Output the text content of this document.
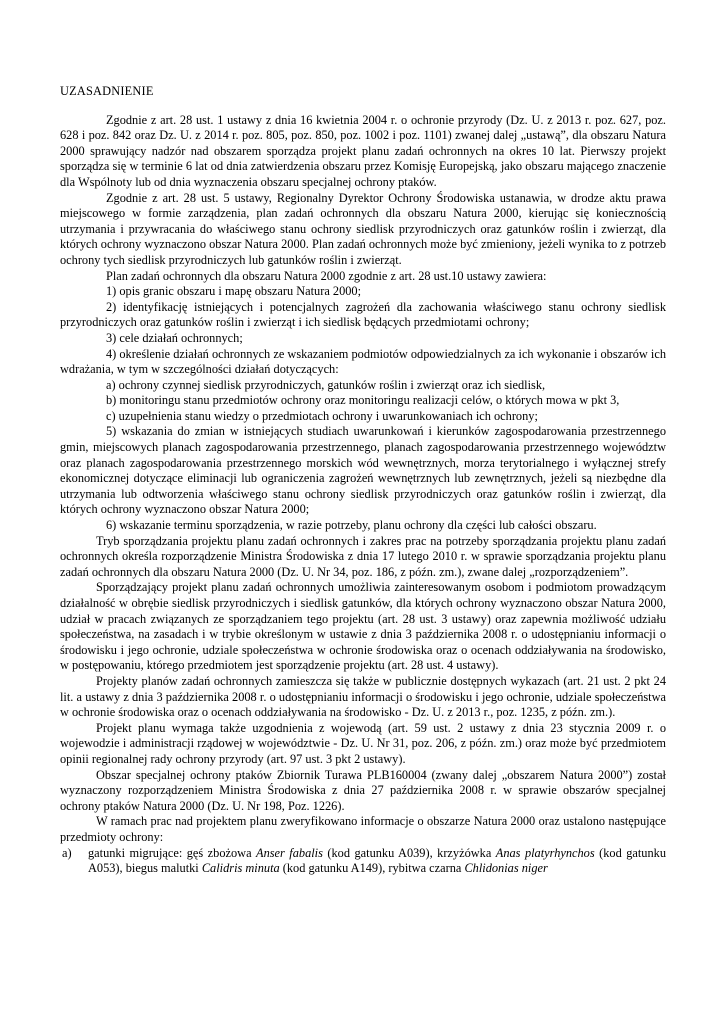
UZASADNIENIE

Zgodnie z art. 28 ust. 1 ustawy z dnia 16 kwietnia 2004 r. o ochronie przyrody (Dz. U. z 2013 r. poz. 627, poz. 628 i poz. 842 oraz Dz. U. z 2014 r. poz. 805, poz. 850, poz. 1002 i poz. 1101) zwanej dalej „ustawą”, dla obszaru Natura 2000 sprawujący nadzór nad obszarem sporządza projekt planu zadań ochronnych na okres 10 lat. Pierwszy projekt sporządza się w terminie 6 lat od dnia zatwierdzenia obszaru przez Komisję Europejską, jako obszaru mającego znaczenie dla Wspólnoty lub od dnia wyznaczenia obszaru specjalnej ochrony ptaków.

Zgodnie z art. 28 ust. 5 ustawy, Regionalny Dyrektor Ochrony Środowiska ustanawia, w drodze aktu prawa miejscowego w formie zarządzenia, plan zadań ochronnych dla obszaru Natura 2000, kierując się koniecznością utrzymania i przywracania do właściwego stanu ochrony siedlisk przyrodniczych oraz gatunków roślin i zwierząt, dla których ochrony wyznaczono obszar Natura 2000. Plan zadań ochronnych może być zmieniony, jeżeli wynika to z potrzeb ochrony tych siedlisk przyrodniczych lub gatunków roślin i zwierząt.

Plan zadań ochronnych dla obszaru Natura 2000 zgodnie z art. 28 ust.10 ustawy zawiera:

1) opis granic obszaru i mapę obszaru Natura 2000;

2) identyfikację istniejących i potencjalnych zagrożeń dla zachowania właściwego stanu ochrony siedlisk przyrodniczych oraz gatunków roślin i zwierząt i ich siedlisk będących przedmiotami ochrony;

3) cele działań ochronnych;

4) określenie działań ochronnych ze wskazaniem podmiotów odpowiedzialnych za ich wykonanie i obszarów ich wdrażania, w tym w szczególności działań dotyczących:

a) ochrony czynnej siedlisk przyrodniczych, gatunków roślin i zwierząt oraz ich siedlisk,

b) monitoringu stanu przedmiotów ochrony oraz monitoringu realizacji celów, o których mowa w pkt 3,

c) uzupełnienia stanu wiedzy o przedmiotach ochrony i uwarunkowaniach ich ochrony;

5) wskazania do zmian w istniejących studiach uwarunkowań i kierunków zagospodarowania przestrzennego gmin, miejscowych planach zagospodarowania przestrzennego, planach zagospodarowania przestrzennego województw oraz planach zagospodarowania przestrzennego morskich wód wewnętrznych, morza terytorialnego i wyłącznej strefy ekonomicznej dotyczące eliminacji lub ograniczenia zagrożeń wewnętrznych lub zewnętrznych, jeżeli są niezbędne dla utrzymania lub odtworzenia właściwego stanu ochrony siedlisk przyrodniczych oraz gatunków roślin i zwierząt, dla których ochrony wyznaczono obszar Natura 2000;

6) wskazanie terminu sporządzenia, w razie potrzeby, planu ochrony dla części lub całości obszaru.

Tryb sporządzania projektu planu zadań ochronnych i zakres prac na potrzeby sporządzania projektu planu zadań ochronnych określa rozporządzenie Ministra Środowiska z dnia 17 lutego 2010 r. w sprawie sporządzania projektu planu zadań ochronnych dla obszaru Natura 2000 (Dz. U. Nr 34, poz. 186, z późn. zm.), zwane dalej „rozporządzeniem”.

Sporządzający projekt planu zadań ochronnych umożliwia zainteresowanym osobom i podmiotom prowadzącym działalność w obrębie siedlisk przyrodniczych i siedlisk gatunków, dla których ochrony wyznaczono obszar Natura 2000, udział w pracach związanych ze sporządzaniem tego projektu (art. 28 ust. 3 ustawy) oraz zapewnia możliwość udziału społeczeństwa, na zasadach i w trybie określonym w ustawie z dnia 3 października 2008 r. o udostępnianiu informacji o środowisku i jego ochronie, udziale społeczeństwa w ochronie środowiska oraz o ocenach oddziaływania na środowisko, w postępowaniu, którego przedmiotem jest sporządzenie projektu (art. 28 ust. 4 ustawy).

Projekty planów zadań ochronnych zamieszcza się także w publicznie dostępnych wykazach (art. 21 ust. 2 pkt 24 lit. a ustawy z dnia 3 października 2008 r. o udostępnianiu informacji o środowisku i jego ochronie, udziale społeczeństwa w ochronie środowiska oraz o ocenach oddziaływania na środowisko - Dz. U. z 2013 r., poz. 1235, z późn. zm.).

Projekt planu wymaga także uzgodnienia z wojewodą (art. 59 ust. 2 ustawy z dnia 23 stycznia 2009 r. o wojewodzie i administracji rządowej w województwie - Dz. U. Nr 31, poz. 206, z późn. zm.) oraz może być przedmiotem opinii regionalnej rady ochrony przyrody (art. 97 ust. 3 pkt 2 ustawy).

Obszar specjalnej ochrony ptaków Zbiornik Turawa PLB160004 (zwany dalej „obszarem Natura 2000”) został wyznaczony rozporządzeniem Ministra Środowiska z dnia 27 października 2008 r. w sprawie obszarów specjalnej ochrony ptaków Natura 2000 (Dz. U. Nr 198, Poz. 1226).

W ramach prac nad projektem planu zweryfikowano informacje o obszarze Natura 2000 oraz ustalono następujące przedmioty ochrony:

a)	gatunki migrujące: gęś zbożowa Anser fabalis (kod gatunku A039), krzyżówka Anas platyrhynchos (kod gatunku A053), biegus malutki Calidris minuta (kod gatunku A149), rybitwa czarna Chlidonias niger
